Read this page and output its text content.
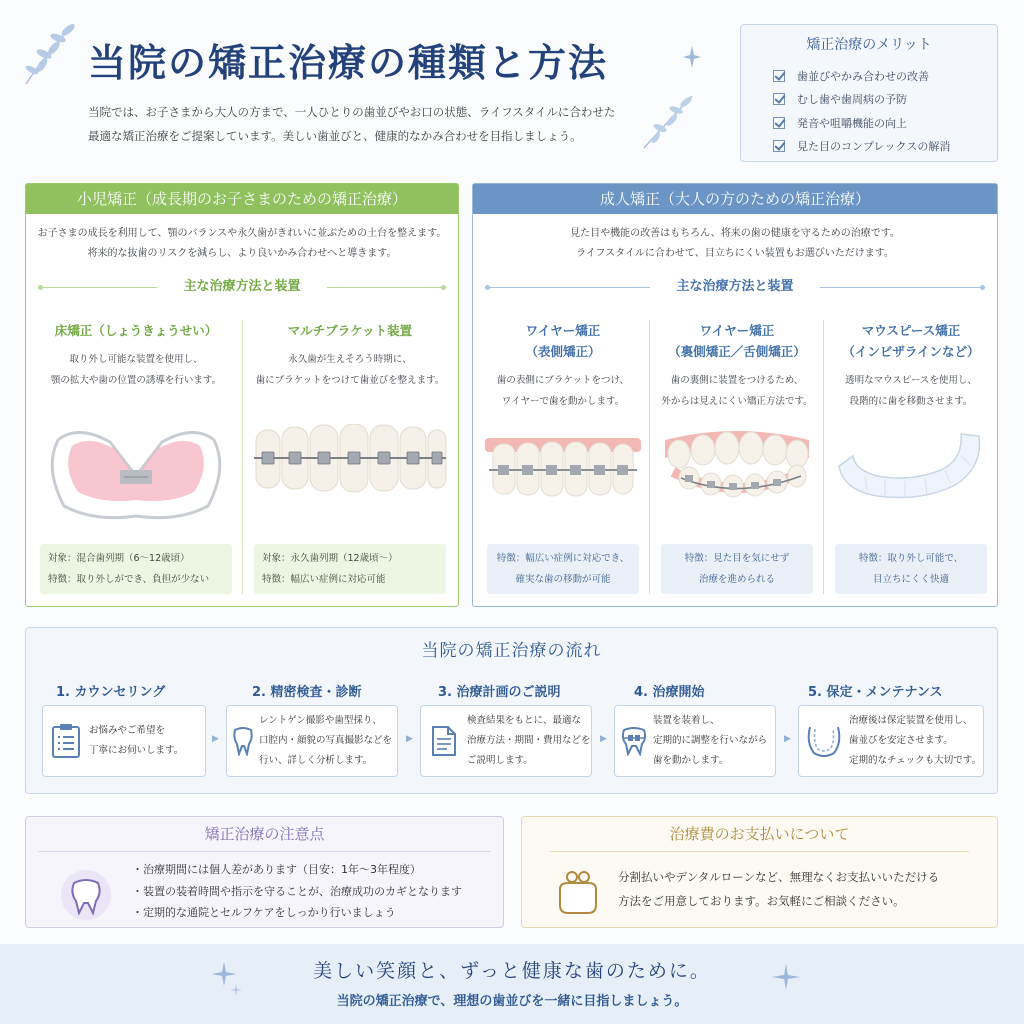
当院の矯正治療の種類と方法
当院では、お子さまから大人の方まで、一人ひとりの歯並びやお口の状態、ライフスタイルに合わせた
最適な矯正治療をご提案しています。美しい歯並びと、健康的なかみ合わせを目指しましょう。
矯正治療のメリット
歯並びやかみ合わせの改善
むし歯や歯周病の予防
発音や咀嚼機能の向上
見た目のコンプレックスの解消
小児矯正（成長期のお子さまのための矯正治療）
お子さまの成長を利用して、顎のバランスや永久歯がきれいに並ぶための土台を整えます。
将来的な抜歯のリスクを減らし、より良いかみ合わせへと導きます。
主な治療方法と装置
床矯正（しょうきょうせい）
取り外し可能な装置を使用し、
顎の拡大や歯の位置の誘導を行います。
対象：混合歯列期（6〜12歳頃）
特徴：取り外しができ、負担が少ない
マルチブラケット装置
永久歯が生えそろう時期に、
歯にブラケットをつけて歯並びを整えます。
対象：永久歯列期（12歳頃〜）
特徴：幅広い症例に対応可能
成人矯正（大人の方のための矯正治療）
見た目や機能の改善はもちろん、将来の歯の健康を守るための治療です。
ライフスタイルに合わせて、目立ちにくい装置もお選びいただけます。
主な治療方法と装置
ワイヤー矯正
（表側矯正）
歯の表側にブラケットをつけ、
ワイヤーで歯を動かします。
特徴：幅広い症例に対応でき、
確実な歯の移動が可能
ワイヤー矯正
（裏側矯正／舌側矯正）
歯の裏側に装置をつけるため、
外からは見えにくい矯正方法です。
特徴：見た目を気にせず
治療を進められる
マウスピース矯正
（インビザラインなど）
透明なマウスピースを使用し、
段階的に歯を移動させます。
特徴：取り外し可能で、
目立ちにくく快適
当院の矯正治療の流れ
1. カウンセリング
お悩みやご希望を
丁寧にお伺いします。
▶
2. 精密検査・診断
レントゲン撮影や歯型採り、
口腔内・顔貌の写真撮影などを
行い、詳しく分析します。
▶
3. 治療計画のご説明
検査結果をもとに、最適な
治療方法・期間・費用などを
ご説明します。
▶
4. 治療開始
装置を装着し、
定期的に調整を行いながら
歯を動かします。
▶
5. 保定・メンテナンス
治療後は保定装置を使用し、
歯並びを安定させます。
定期的なチェックも大切です。
矯正治療の注意点
・ 治療期間には個人差があります（目安：1年〜3年程度）
・ 装置の装着時間や指示を守ることが、治療成功のカギとなります
・ 定期的な通院とセルフケアをしっかり行いましょう
治療費のお支払いについて
分割払いやデンタルローンなど、無理なくお支払いいただける
方法をご用意しております。お気軽にご相談ください。
美しい笑顔と、ずっと健康な歯のために。
当院の矯正治療で、理想の歯並びを一緒に目指しましょう。
